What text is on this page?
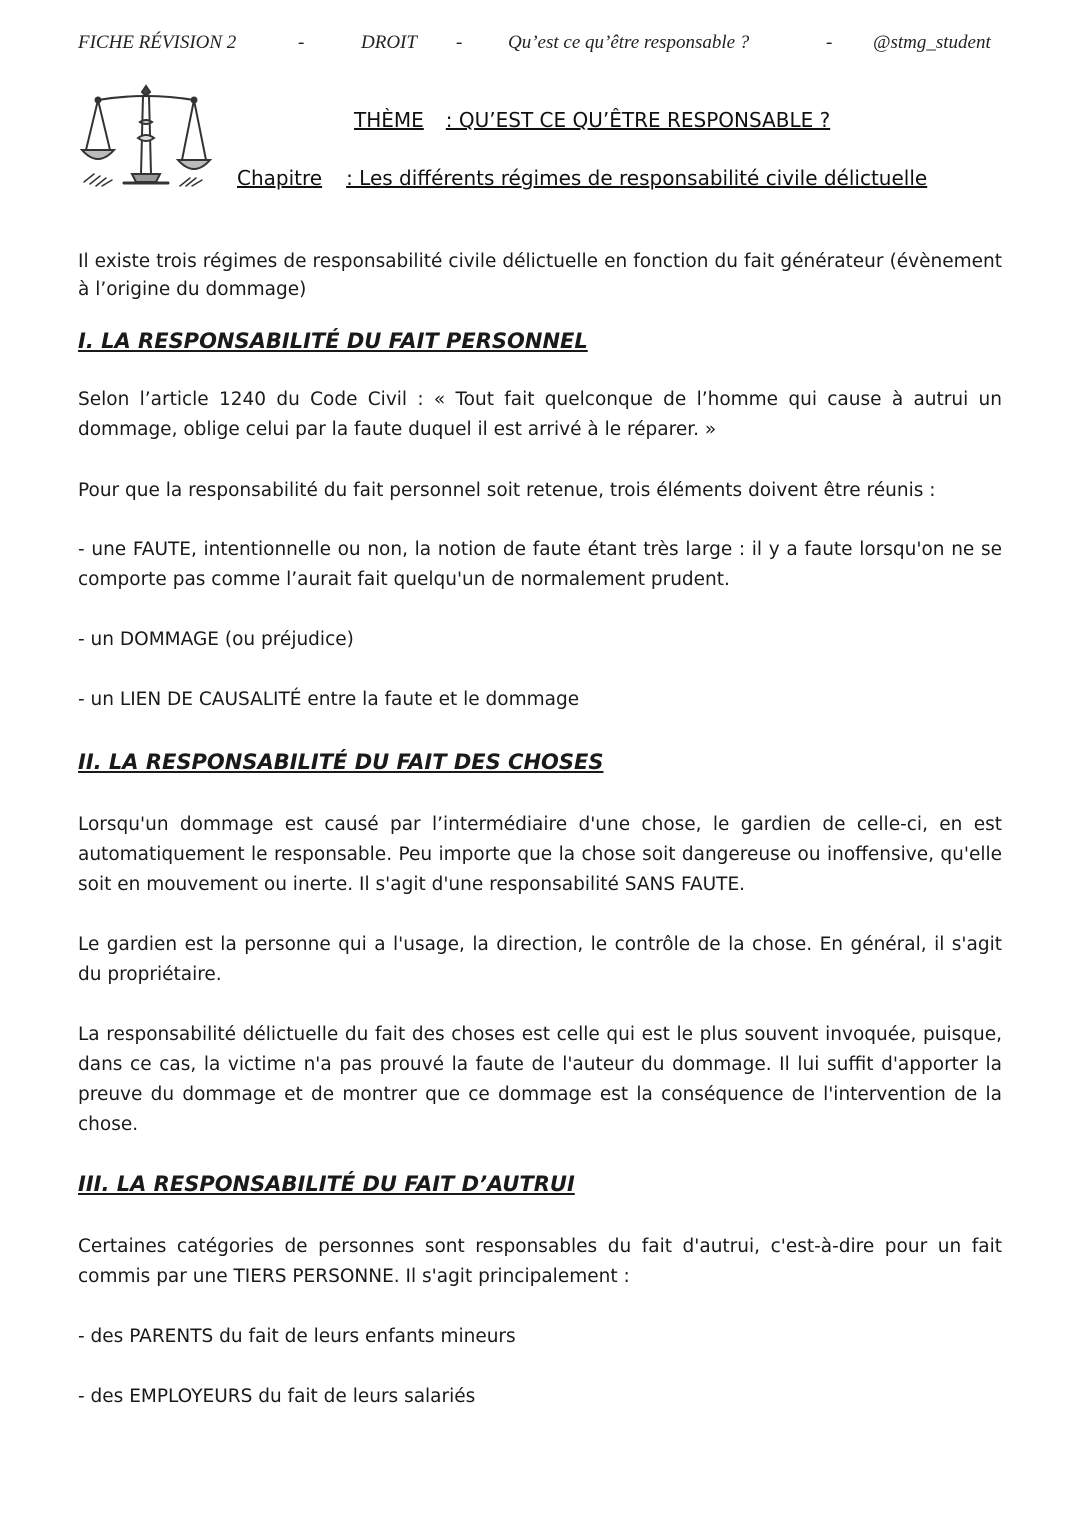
FICHE RÉVISION 2	-	DROIT - Qu’est ce qu’être responsable ?	- @stmg_student
THÈME : QU’EST CE QU’ÊTRE RESPONSABLE ?
Chapitre : Les différents régimes de responsabilité civile délictuelle

Il existe trois régimes de responsabilité civile délictuelle en fonction du fait générateur (évènement à l’origine du dommage)

I. LA RESPONSABILITÉ DU FAIT PERSONNEL

Selon l’article 1240 du Code Civil : « Tout fait quelconque de l’homme qui cause à autrui un dommage, oblige celui par la faute duquel il est arrivé à le réparer. »

Pour que la responsabilité du fait personnel soit retenue, trois éléments doivent être réunis :

- une FAUTE, intentionnelle ou non, la notion de faute étant très large : il y a faute lorsqu'on ne se comporte pas comme l’aurait fait quelqu'un de normalement prudent.

- un DOMMAGE (ou préjudice)

- un LIEN DE CAUSALITÉ entre la faute et le dommage

II. LA RESPONSABILITÉ DU FAIT DES CHOSES

Lorsqu'un dommage est causé par l’intermédiaire d'une chose, le gardien de celle-ci, en est automatiquement le responsable. Peu importe que la chose soit dangereuse ou inoffensive, qu'elle soit en mouvement ou inerte. Il s'agit d'une responsabilité SANS FAUTE.

Le gardien est la personne qui a l'usage, la direction, le contrôle de la chose. En général, il s'agit du propriétaire.

La responsabilité délictuelle du fait des choses est celle qui est le plus souvent invoquée, puisque, dans ce cas, la victime n'a pas prouvé la faute de l'auteur du dommage. Il lui suffit d'apporter la preuve du dommage et de montrer que ce dommage est la conséquence de l'intervention de la chose.

III. LA RESPONSABILITÉ DU FAIT D’AUTRUI

Certaines catégories de personnes sont responsables du fait d'autrui, c'est-à-dire pour un fait commis par une TIERS PERSONNE. Il s'agit principalement :

- des PARENTS du fait de leurs enfants mineurs

- des EMPLOYEURS du fait de leurs salariés
